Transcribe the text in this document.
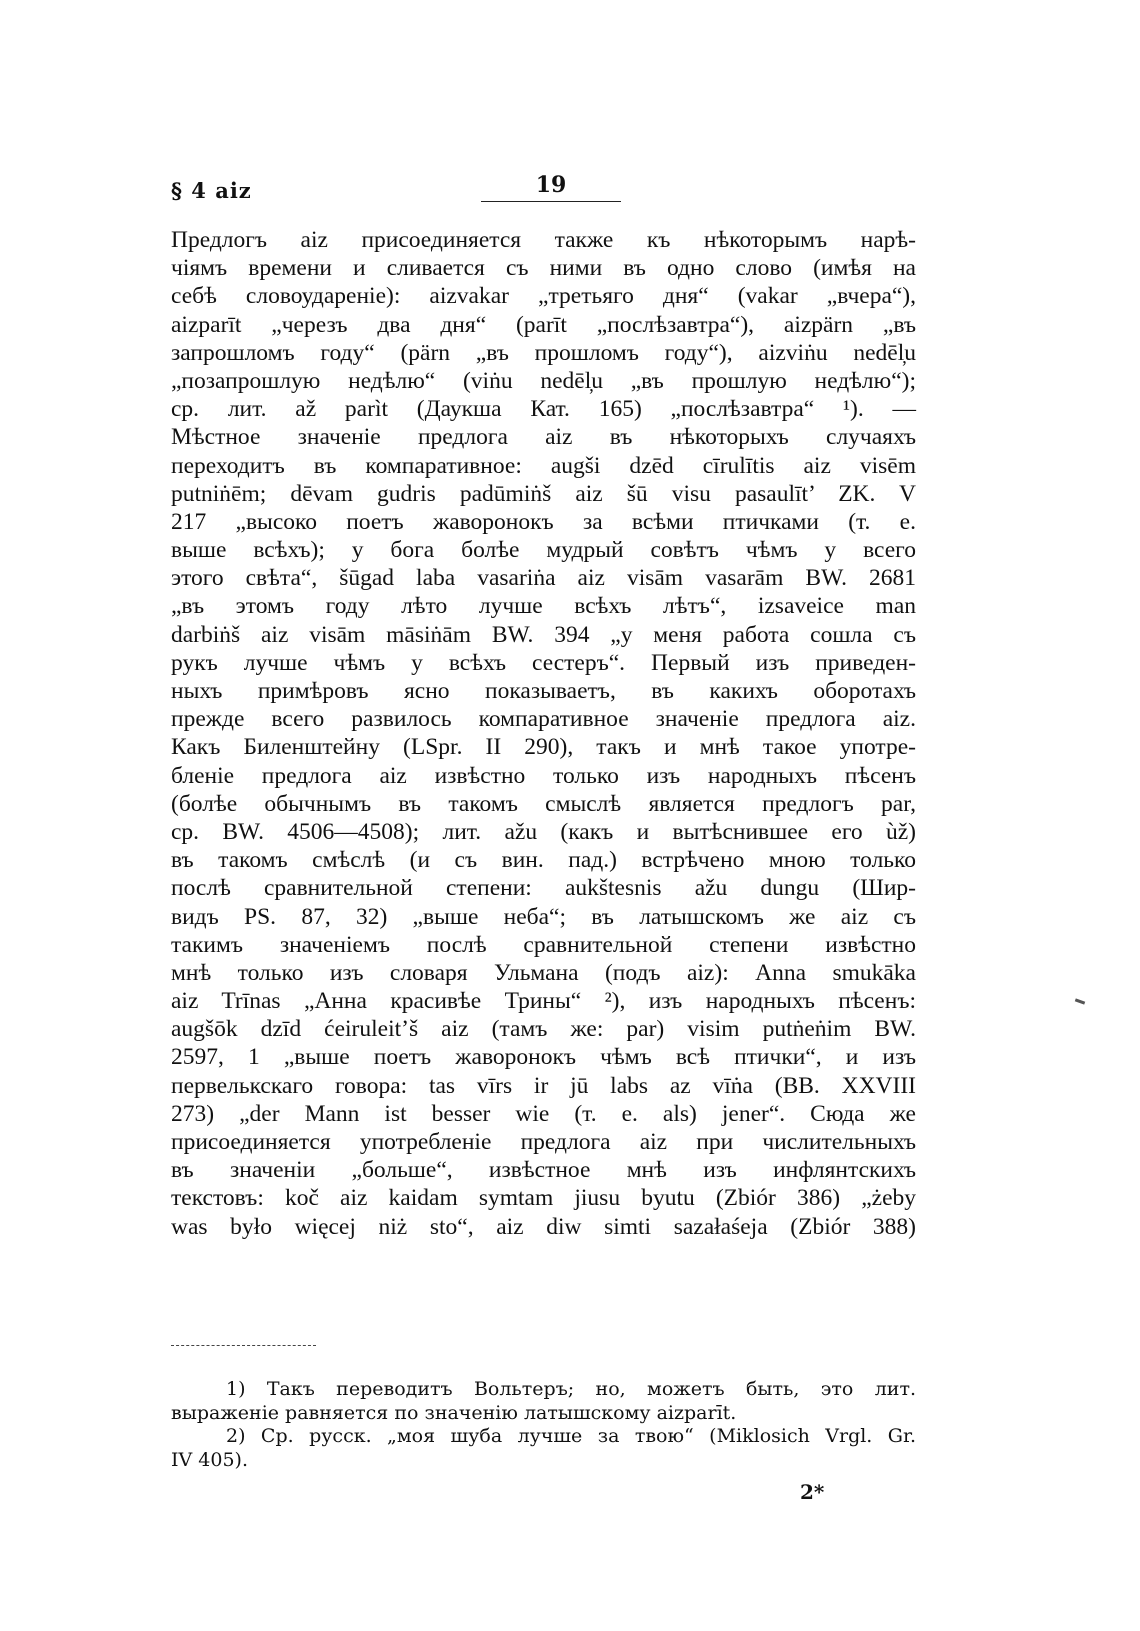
§ 4 aiz	19
Предлогъ aiz присоединяется также къ нѣкоторымъ нарѣ-
чіямъ времени и сливается съ ними въ одно слово (имѣя на
себѣ словоудареніе): aizvakar „третьяго дня“ (vakar „вчера“),
aizparīt „черезъ два дня“ (parīt „послѣзавтра“), aizpärn „въ
запрошломъ году“ (pärn „въ прошломъ году“), aizviṅu nedēl̦u
„позапрошлую недѣлю“ (viṅu nedēl̦u „въ прошлую недѣлю“);
ср. лит. až parìt (Даукша Кат. 165) „послѣзавтра“ ¹). —
Мѣстное значеніе предлога aiz въ нѣкоторыхъ случаяхъ
переходитъ въ компаративное: augši dzēd cīrulītis aiz visēm
putniṅēm; dēvam gudris padūmiṅš aiz šū visu pasaulīt’ ZK. V
217 „высоко поетъ жаворонокъ за всѣми птичками (т. е.
выше всѣхъ); у бога болѣе мудрый совѣтъ чѣмъ у всего
этого свѣта“, šūgad laba vasariṅa aiz visām vasarām BW. 2681
„въ этомъ году лѣто лучше всѣхъ лѣтъ“, izsaveice man
darbiṅš aiz visām māsiṅām BW. 394 „у меня работа сошла съ
рукъ лучше чѣмъ у всѣхъ сестеръ“. Первый изъ приведен-
ныхъ примѣровъ ясно показываетъ, въ какихъ оборотахъ
прежде всего развилось компаративное значеніе предлога aiz.
Какъ Биленштейну (LSpr. II 290), такъ и мнѣ такое употре-
бленіе предлога aiz извѣстно только изъ народныхъ пѣсенъ
(болѣе обычнымъ въ такомъ смыслѣ является предлогъ par,
ср. BW. 4506—4508); лит. ažu (какъ и вытѣснившее его ùž)
въ такомъ смѣслѣ (и съ вин. пад.) встрѣчено мною только
послѣ сравнительной степени: aukštesnis ažu dungu (Шир-
видъ PS. 87, 32) „выше неба“; въ латышскомъ же aiz съ
такимъ значеніемъ послѣ сравнительной степени извѣстно
мнѣ только изъ словаря Ульмана (подъ aiz): Anna smukāka
aiz Trīnas „Анна красивѣе Трины“ ²), изъ народныхъ пѣсенъ:
augšōk dzīd ćeiruleit’š aiz (тамъ же: par) visim putṅeṅim BW.
2597, 1 „выше поетъ жаворонокъ чѣмъ всѣ птички“, и изъ
первелькскаго говора: tas vīrs ir jū labs az vīṅa (BB. XXVIII
273) „der Mann ist besser wie (т. е. als) jener“. Сюда же
присоединяется употребленіе предлога aiz при числительныхъ
въ значеніи „больше“, извѣстное мнѣ изъ инфлянтскихъ
текстовъ: koč aiz kaidam symtam jiusu byutu (Zbiór 386) „żeby
was było więcej niż sto“, aiz diw simti sazałaśeja (Zbiór 388)
1) Такъ переводитъ Вольтеръ; но, можетъ быть, это лит.
выраженіе равняется по значенію латышскому aizparīt.
2) Ср. русск. „моя шуба лучше за твою“ (Miklosich Vrgl. Gr.
IV 405).
2*
